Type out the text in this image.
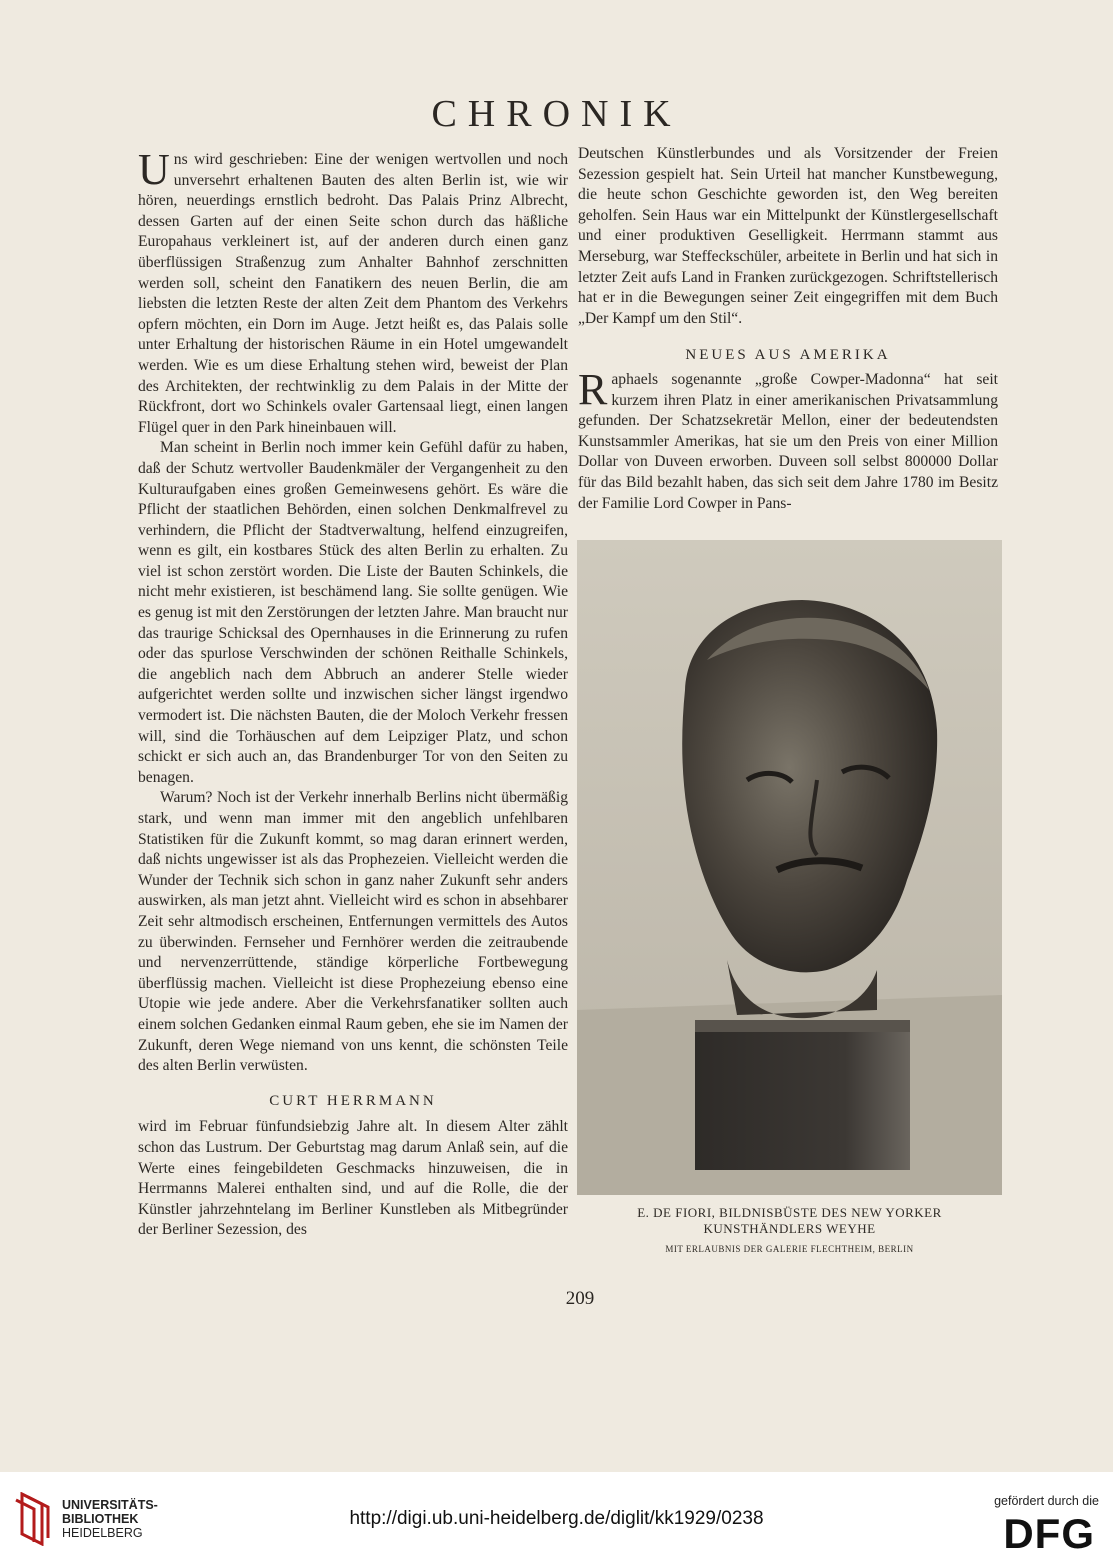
CHRONIK

Uns wird geschrieben: Eine der wenigen wertvollen und noch unversehrt erhaltenen Bauten des alten Berlin ist, wie wir hören, neuerdings ernstlich bedroht. Das Palais Prinz Albrecht, dessen Garten auf der einen Seite schon durch das häßliche Europahaus verkleinert ist, auf der anderen durch einen ganz überflüssigen Straßenzug zum Anhalter Bahnhof zerschnitten werden soll, scheint den Fanatikern des neuen Berlin, die am liebsten die letzten Reste der alten Zeit dem Phantom des Verkehrs opfern möchten, ein Dorn im Auge. Jetzt heißt es, das Palais solle unter Erhaltung der historischen Räume in ein Hotel umgewandelt werden. Wie es um diese Erhaltung stehen wird, beweist der Plan des Architekten, der rechtwinklig zu dem Palais in der Mitte der Rückfront, dort wo Schinkels ovaler Gartensaal liegt, einen langen Flügel quer in den Park hineinbauen will.

Man scheint in Berlin noch immer kein Gefühl dafür zu haben, daß der Schutz wertvoller Baudenkmäler der Vergangenheit zu den Kulturaufgaben eines großen Gemeinwesens gehört. Es wäre die Pflicht der staatlichen Behörden, einen solchen Denkmalfrevel zu verhindern, die Pflicht der Stadtverwaltung, helfend einzugreifen, wenn es gilt, ein kostbares Stück des alten Berlin zu erhalten. Zu viel ist schon zerstört worden. Die Liste der Bauten Schinkels, die nicht mehr existieren, ist beschämend lang. Sie sollte genügen. Wie es genug ist mit den Zerstörungen der letzten Jahre. Man braucht nur das traurige Schicksal des Opernhauses in die Erinnerung zu rufen oder das spurlose Verschwinden der schönen Reithalle Schinkels, die angeblich nach dem Abbruch an anderer Stelle wieder aufgerichtet werden sollte und inzwischen sicher längst irgendwo vermodert ist. Die nächsten Bauten, die der Moloch Verkehr fressen will, sind die Torhäuschen auf dem Leipziger Platz, und schon schickt er sich auch an, das Brandenburger Tor von den Seiten zu benagen.

Warum? Noch ist der Verkehr innerhalb Berlins nicht übermäßig stark, und wenn man immer mit den angeblich unfehlbaren Statistiken für die Zukunft kommt, so mag daran erinnert werden, daß nichts ungewisser ist als das Prophezeien. Vielleicht werden die Wunder der Technik sich schon in ganz naher Zukunft sehr anders auswirken, als man jetzt ahnt. Vielleicht wird es schon in absehbarer Zeit sehr altmodisch erscheinen, Entfernungen vermittels des Autos zu überwinden. Fernseher und Fernhörer werden die zeitraubende und nervenzerrüttende, ständige körperliche Fortbewegung überflüssig machen. Vielleicht ist diese Prophezeiung ebenso eine Utopie wie jede andere. Aber die Verkehrsfanatiker sollten auch einem solchen Gedanken einmal Raum geben, ehe sie im Namen der Zukunft, deren Wege niemand von uns kennt, die schönsten Teile des alten Berlin verwüsten.

CURT HERRMANN

wird im Februar fünfundsiebzig Jahre alt. In diesem Alter zählt schon das Lustrum. Der Geburtstag mag darum Anlaß sein, auf die Werte eines feingebildeten Geschmacks hinzuweisen, die in Herrmanns Malerei enthalten sind, und auf die Rolle, die der Künstler jahrzehntelang im Berliner Kunstleben als Mitbegründer der Berliner Sezession, des

Deutschen Künstlerbundes und als Vorsitzender der Freien Sezession gespielt hat. Sein Urteil hat mancher Kunstbewegung, die heute schon Geschichte geworden ist, den Weg bereiten geholfen. Sein Haus war ein Mittelpunkt der Künstlergesellschaft und einer produktiven Geselligkeit. Herrmann stammt aus Merseburg, war Steffeckschüler, arbeitete in Berlin und hat sich in letzter Zeit aufs Land in Franken zurückgezogen. Schriftstellerisch hat er in die Bewegungen seiner Zeit eingegriffen mit dem Buch „Der Kampf um den Stil“.

NEUES AUS AMERIKA

Raphaels sogenannte „große Cowper-Madonna“ hat seit kurzem ihren Platz in einer amerikanischen Privatsammlung gefunden. Der Schatzsekretär Mellon, einer der bedeutendsten Kunstsammler Amerikas, hat sie um den Preis von einer Million Dollar von Duveen erworben. Duveen soll selbst 800000 Dollar für das Bild bezahlt haben, das sich seit dem Jahre 1780 im Besitz der Familie Lord Cowper in Pans-

E. DE FIORI, BILDNISBÜSTE DES NEW YORKER
KUNSTHÄNDLERS WEYHE
MIT ERLAUBNIS DER GALERIE FLECHTHEIM, BERLIN
209
UNIVERSITÄTS-
BIBLIOTHEK
HEIDELBERG
http://digi.ub.uni-heidelberg.de/diglit/kk1929/0238
gefördert durch die
DFG
